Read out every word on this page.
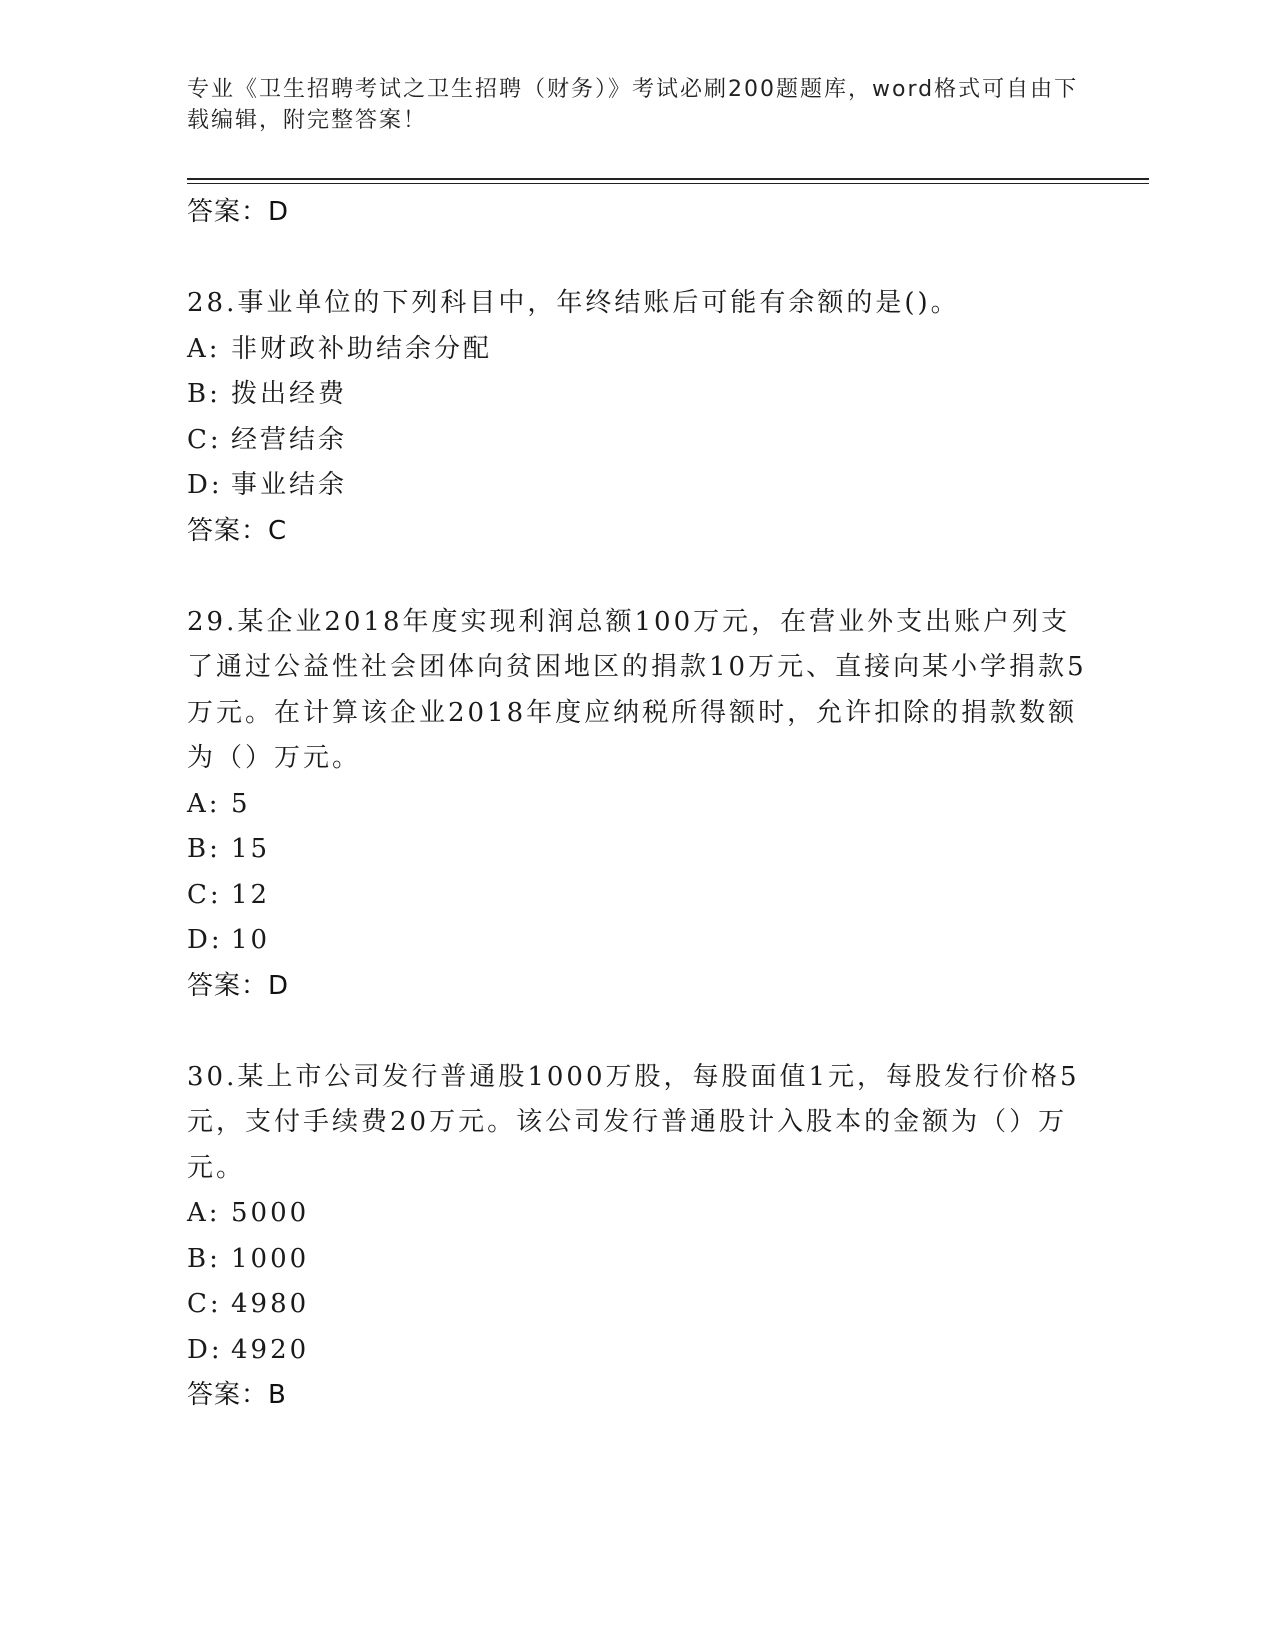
专业《卫生招聘考试之卫生招聘（财务）》考试必刷200题题库，word格式可自由下载编辑，附完整答案！
答案：D
28.事业单位的下列科目中，年终结账后可能有余额的是()。
A: 非财政补助结余分配
B: 拨出经费
C: 经营结余
D: 事业结余
答案：C
29.某企业2018年度实现利润总额100万元，在营业外支出账户列支了通过公益性社会团体向贫困地区的捐款10万元、直接向某小学捐款5万元。在计算该企业2018年度应纳税所得额时，允许扣除的捐款数额为（）万元。
A: 5
B: 15
C: 12
D: 10
答案：D
30.某上市公司发行普通股1000万股，每股面值1元，每股发行价格5元，支付手续费20万元。该公司发行普通股计入股本的金额为（）万元。
A: 5000
B: 1000
C: 4980
D: 4920
答案：B
